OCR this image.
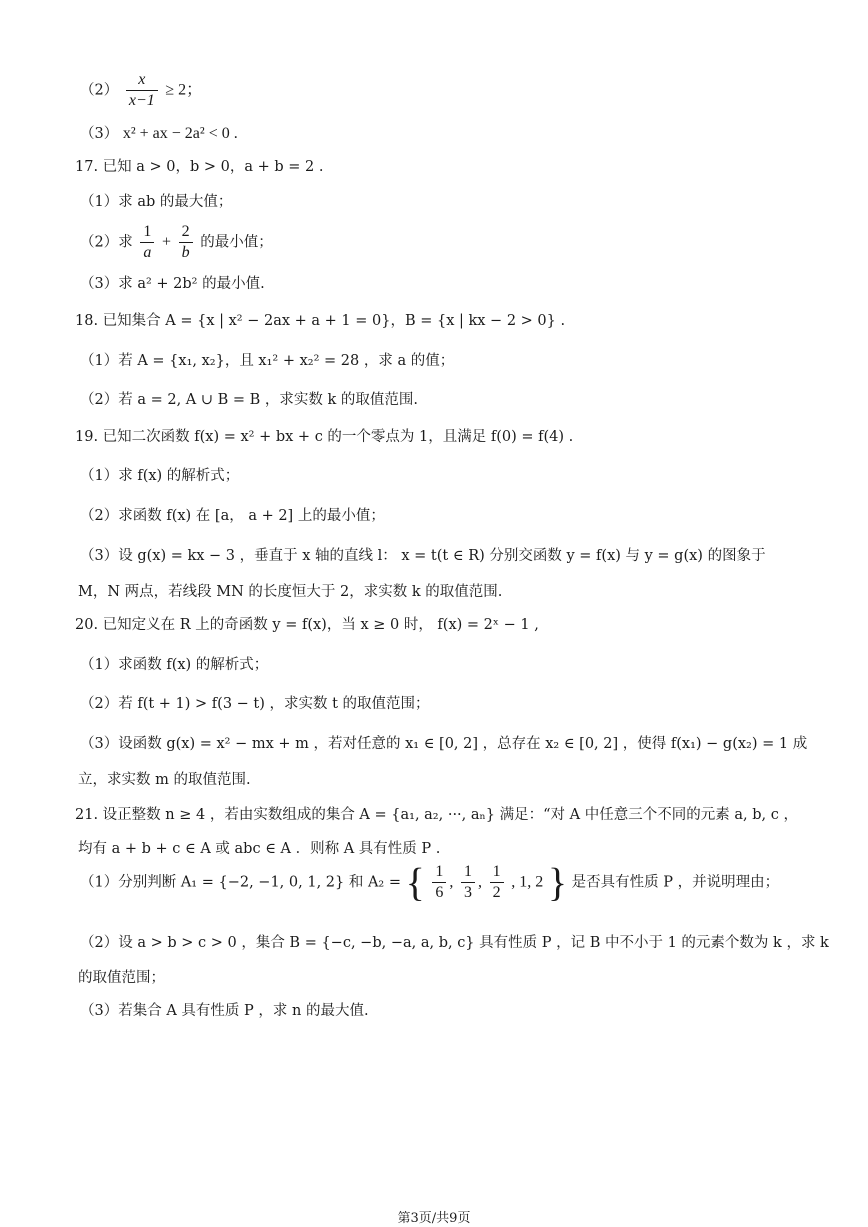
$(2) \frac{x}{x-1} \ge 2$；
（3） x² + ax − 2a² < 0 .
17. 已知 a > 0，b > 0，a + b = 2 .
（1）求 ab 的最大值；
（2）求 $\frac{1}{a} + \frac{2}{b}$ 的最小值；
（3）求 a² + 2b² 的最小值.
18. 已知集合 A = {x | x² − 2ax + a + 1 = 0}，B = {x | kx − 2 > 0} .
（1）若 A = {x₁, x₂}，且 x₁² + x₂² = 28 ，求 a 的值；
（2）若 a = 2, A ∪ B = B ，求实数 k 的取值范围.
19. 已知二次函数 f(x) = x² + bx + c 的一个零点为 1，且满足 f(0) = f(4) .
（1）求 f(x) 的解析式；
（2）求函数 f(x) 在 [a， a + 2] 上的最小值；
（3）设 g(x) = kx − 3 ，垂直于 x 轴的直线 l： x = t(t ∈ R) 分别交函数 y = f(x) 与 y = g(x) 的图象于
M，N 两点，若线段 MN 的长度恒大于 2，求实数 k 的取值范围.
20. 已知定义在 R 上的奇函数 y = f(x)，当 x ≥ 0 时， f(x) = 2ˣ − 1 ,
（1）求函数 f(x) 的解析式；
（2）若 f(t + 1) > f(3 − t) ，求实数 t 的取值范围；
（3）设函数 g(x) = x² − mx + m ，若对任意的 x₁ ∈ [0, 2] ，总存在 x₂ ∈ [0, 2] ，使得 f(x₁) − g(x₂) = 1 成
立，求实数 m 的取值范围.
21. 设正整数 n ≥ 4 ，若由实数组成的集合 A = {a₁, a₂, ···, aₙ} 满足：“对 A 中任意三个不同的元素 a, b, c ，
均有 a + b + c ∈ A 或 abc ∈ A ．则称 A 具有性质 P .
（1）分别判断 A₁ = {−2, −1, 0, 1, 2} 和 A₂ = { $\frac{1}{6}$ , $\frac{1}{3}$ , $\frac{1}{2}$ , 1, 2 } 是否具有性质 P ，并说明理由；
（2）设 a > b > c > 0 ，集合 B = {−c, −b, −a, a, b, c} 具有性质 P ，记 B 中不小于 1 的元素个数为 k ，求 k
的取值范围；
（3）若集合 A 具有性质 P ，求 n 的最大值.
第3页/共9页
